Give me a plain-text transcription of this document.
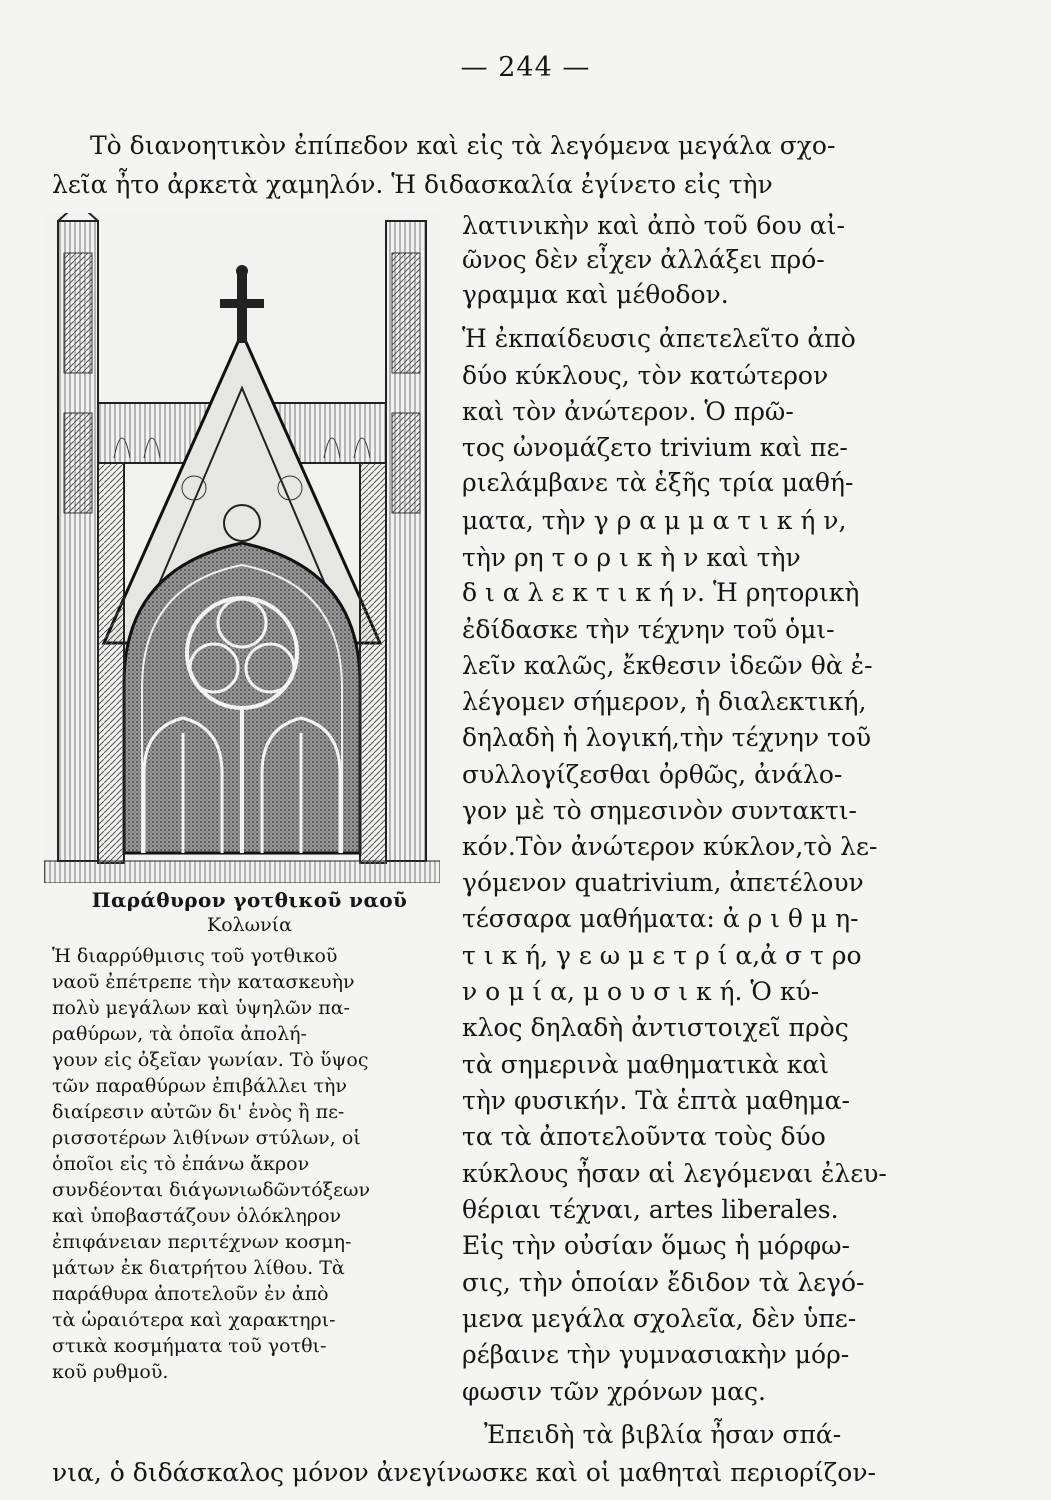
— 244 —
Τὸ διανοητικὸν ἐπίπεδον καὶ εἰς τὰ λεγόμενα μεγάλα σχο-
λεῖα ἦτο ἀρκετὰ χαμηλόν. Ἡ διδασκαλία ἐγίνετο εἰς τὴν
λατινικὴν καὶ ἀπὸ τοῦ 6ου αἰ-
ῶνος δὲν εἶχεν ἀλλάξει πρό-
γραμμα καὶ μέθοδον.
Ἡ ἐκπαίδευσις ἀπετελεῖτο ἀπὸ
δύο κύκλους, τὸν κατώτερον
καὶ τὸν ἀνώτερον. Ὁ πρῶ-
τος ὠνομάζετο trivium καὶ πε-
ριελάμβανε τὰ ἑξῆς τρία μαθή-
ματα, τὴν γ ρ α μ μ α τ ι κ ή ν,
τὴν ρη τ ο ρ ι κ ὴ ν καὶ τὴν
δ ι α λ ε κ τ ι κ ή ν. Ἡ ρητορικὴ
ἐδίδασκε τὴν τέχνην τοῦ ὁμι-
λεῖν καλῶς, ἔκθεσιν ἰδεῶν θὰ ἐ-
λέγομεν σήμερον, ἡ διαλεκτική,
δηλαδὴ ἡ λογική,τὴν τέχνην τοῦ
συλλογίζεσθαι ὀρθῶς, ἀνάλο-
γον μὲ τὸ σημεσινὸν συντακτι-
κόν.Τὸν ἀνώτερον κύκλον,τὸ λε-
γόμενον quatrivium, ἀπετέλουν
τέσσαρα μαθήματα: ἀ ρ ι θ μ η-
τ ι κ ή, γ ε ω μ ε τ ρ ί α,ἀ σ τ ρο
ν ο μ ί α, μ ο υ σ ι κ ή. Ὁ κύ-
κλος δηλαδὴ ἀντιστοιχεῖ πρὸς
τὰ σημερινὰ μαθηματικὰ καὶ
τὴν φυσικήν. Τὰ ἑπτὰ μαθημα-
τα τὰ ἀποτελοῦντα τοὺς δύο
κύκλους ἦσαν αἱ λεγόμεναι ἐλευ-
θέριαι τέχναι, artes liberales.
Εἰς τὴν οὐσίαν ὅμως ἡ μόρφω-
σις, τὴν ὁποίαν ἔδιδον τὰ λεγό-
μενα μεγάλα σχολεῖα, δὲν ὑπε-
ρέβαινε τὴν γυμνασιακὴν μόρ-
φωσιν τῶν χρόνων μας.
Παράθυρον γοτθικοῦ ναοῦ
Κολωνία
Ἡ διαρρύθμισις τοῦ γοτθικοῦ
ναοῦ ἐπέτρεπε τὴν κατασκευὴν
πολὺ μεγάλων καὶ ὑψηλῶν πα-
ραθύρων, τὰ ὁποῖα ἀπολή-
γουν εἰς ὀξεῖαν γωνίαν. Τὸ ὕψος
τῶν παραθύρων ἐπιβάλλει τὴν
διαίρεσιν αὐτῶν δι' ἑνὸς ἢ πε-
ρισσοτέρων λιθίνων στύλων, οἱ
ὁποῖοι εἰς τὸ ἐπάνω ἄκρον
συνδέονται διάγωνιωδῶντόξεων
καὶ ὑποβαστάζουν ὁλόκληρον
ἐπιφάνειαν περιτέχνων κοσμη-
μάτων ἐκ διατρήτου λίθου. Τὰ
παράθυρα ἀποτελοῦν ἐν ἀπὸ
τὰ ὡραιότερα καὶ χαρακτηρι-
στικὰ κοσμήματα τοῦ γοτθι-
κοῦ ρυθμοῦ.
Ἐπειδὴ τὰ βιβλία ἦσαν σπά-
νια, ὁ διδάσκαλος μόνον ἀνεγίνωσκε καὶ οἱ μαθηταὶ περιορίζον-
